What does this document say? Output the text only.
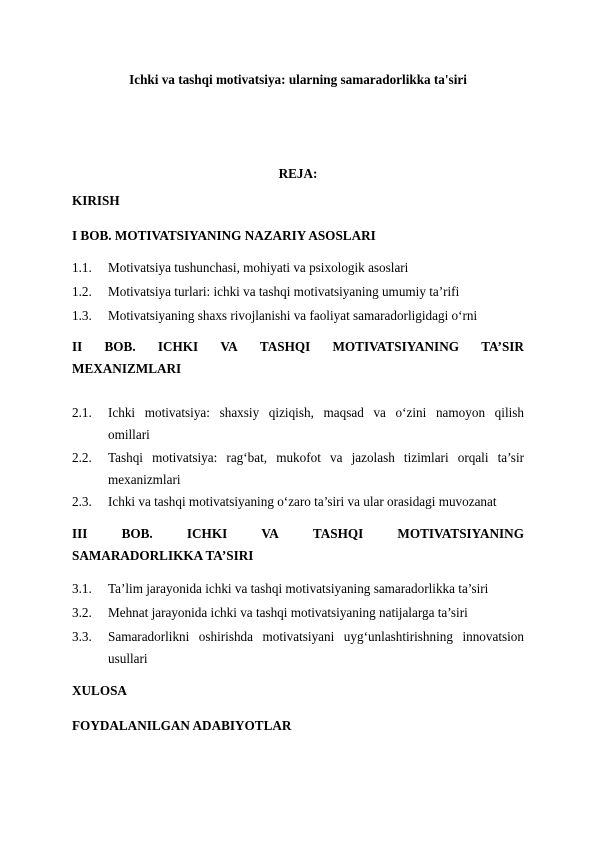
Ichki va tashqi motivatsiya: ularning samaradorlikka ta'siri
REJA:
KIRISH
I BOB. MOTIVATSIYANING NAZARIY ASOSLARI
1.1. Motivatsiya tushunchasi, mohiyati va psixologik asoslari
1.2. Motivatsiya turlari: ichki va tashqi motivatsiyaning umumiy ta’rifi
1.3. Motivatsiyaning shaxs rivojlanishi va faoliyat samaradorligidagi o‘rni
II BOB. ICHKI VA TASHQI MOTIVATSIYANING TA’SIR
MEXANIZMLARI
2.1. Ichki motivatsiya: shaxsiy qiziqish, maqsad va o‘zini namoyon qilish
omillari
2.2. Tashqi motivatsiya: rag‘bat, mukofot va jazolash tizimlari orqali ta’sir
mexanizmlari
2.3. Ichki va tashqi motivatsiyaning o‘zaro ta’siri va ular orasidagi muvozanat
III	BOB.	ICHKI	VA	TASHQI	MOTIVATSIYANING
SAMARADORLIKKA TA’SIRI
3.1. Ta’lim jarayonida ichki va tashqi motivatsiyaning samaradorlikka ta’siri
3.2. Mehnat jarayonida ichki va tashqi motivatsiyaning natijalarga ta’siri
3.3. Samaradorlikni oshirishda motivatsiyani uyg‘unlashtirishning innovatsion
usullari
XULOSA
FOYDALANILGAN ADABIYOTLAR
